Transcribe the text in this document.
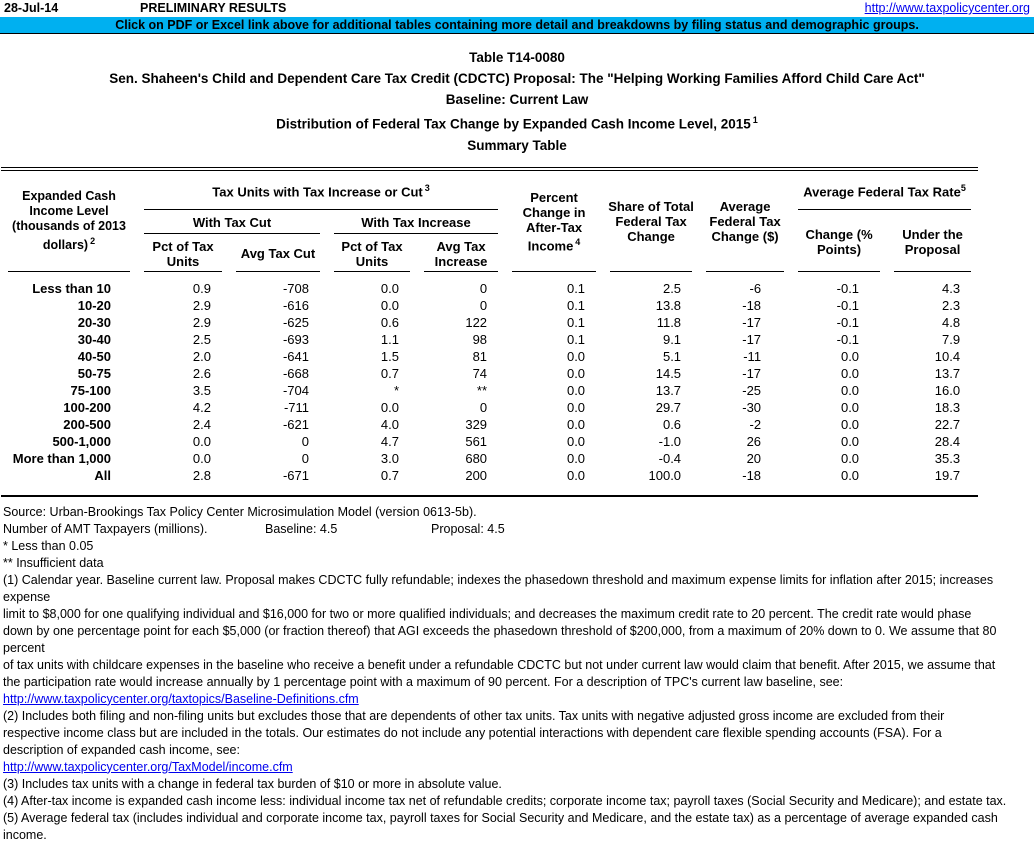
28-Jul-14	PRELIMINARY RESULTS	http://www.taxpolicycenter.org
Click on PDF or Excel link above for additional tables containing more detail and breakdowns by filing status and demographic groups.
Table T14-0080
Sen. Shaheen's Child and Dependent Care Tax Credit (CDCTC) Proposal: The "Helping Working Families Afford Child Care Act"
Baseline: Current Law
Distribution of Federal Tax Change by Expanded Cash Income Level, 2015 $^1$
Summary Table
Expanded Cash Income Level (thousands of 2013 dollars) $^2$	Tax Units with Tax Increase or Cut $^3$				Percent Change in After-Tax Income $^4$	Share of Total Federal Tax Change	Average Federal Tax Change ($)	Average Federal Tax Rate$^5$
	With Tax Cut		With Tax Increase					Change (% Points)	Under the Proposal
	Pct of Tax Units	Avg Tax Cut	Pct of Tax Units	Avg Tax Increase					
Less than 10	0.9	-708	0.0	0	0.1	2.5	-6	-0.1	4.3
10-20	2.9	-616	0.0	0	0.1	13.8	-18	-0.1	2.3
20-30	2.9	-625	0.6	122	0.1	11.8	-17	-0.1	4.8
30-40	2.5	-693	1.1	98	0.1	9.1	-17	-0.1	7.9
40-50	2.0	-641	1.5	81	0.0	5.1	-11	0.0	10.4
50-75	2.6	-668	0.7	74	0.0	14.5	-17	0.0	13.7
75-100	3.5	-704	*	**	0.0	13.7	-25	0.0	16.0
100-200	4.2	-711	0.0	0	0.0	29.7	-30	0.0	18.3
200-500	2.4	-621	4.0	329	0.0	0.6	-2	0.0	22.7
500-1,000	0.0	0	4.7	561	0.0	-1.0	26	0.0	28.4
More than 1,000	0.0	0	3.0	680	0.0	-0.4	20	0.0	35.3
All	2.8	-671	0.7	200	0.0	100.0	-18	0.0	19.7
Source: Urban-Brookings Tax Policy Center Microsimulation Model (version 0613-5b).
Number of AMT Taxpayers (millions).	Baseline: 4.5	Proposal: 4.5
* Less than 0.05
** Insufficient data
(1) Calendar year. Baseline current law. Proposal makes CDCTC fully refundable; indexes the phasedown threshold and maximum expense limits for inflation after 2015; increases expense
limit to $8,000 for one qualifying individual and $16,000 for two or more qualified individuals; and decreases the maximum credit rate to 20 percent. The credit rate would phase
down by one percentage point for each $5,000 (or fraction thereof) that AGI exceeds the phasedown threshold of $200,000, from a maximum of 20% down to 0. We assume that 80 percent
of tax units with childcare expenses in the baseline who receive a benefit under a refundable CDCTC but not under current law would claim that benefit. After 2015, we assume that
the participation rate would increase annually by 1 percentage point with a maximum of 90 percent. For a description of TPC's current law baseline, see:
http://www.taxpolicycenter.org/taxtopics/Baseline-Definitions.cfm
(2) Includes both filing and non-filing units but excludes those that are dependents of other tax units. Tax units with negative adjusted gross income are excluded from their
respective income class but are included in the totals. Our estimates do not include any potential interactions with dependent care flexible spending accounts (FSA). For a
description of expanded cash income, see:
http://www.taxpolicycenter.org/TaxModel/income.cfm
(3) Includes tax units with a change in federal tax burden of $10 or more in absolute value.
(4) After-tax income is expanded cash income less: individual income tax net of refundable credits; corporate income tax; payroll taxes (Social Security and Medicare); and estate tax.
(5) Average federal tax (includes individual and corporate income tax, payroll taxes for Social Security and Medicare, and the estate tax) as a percentage of average expanded cash income.
